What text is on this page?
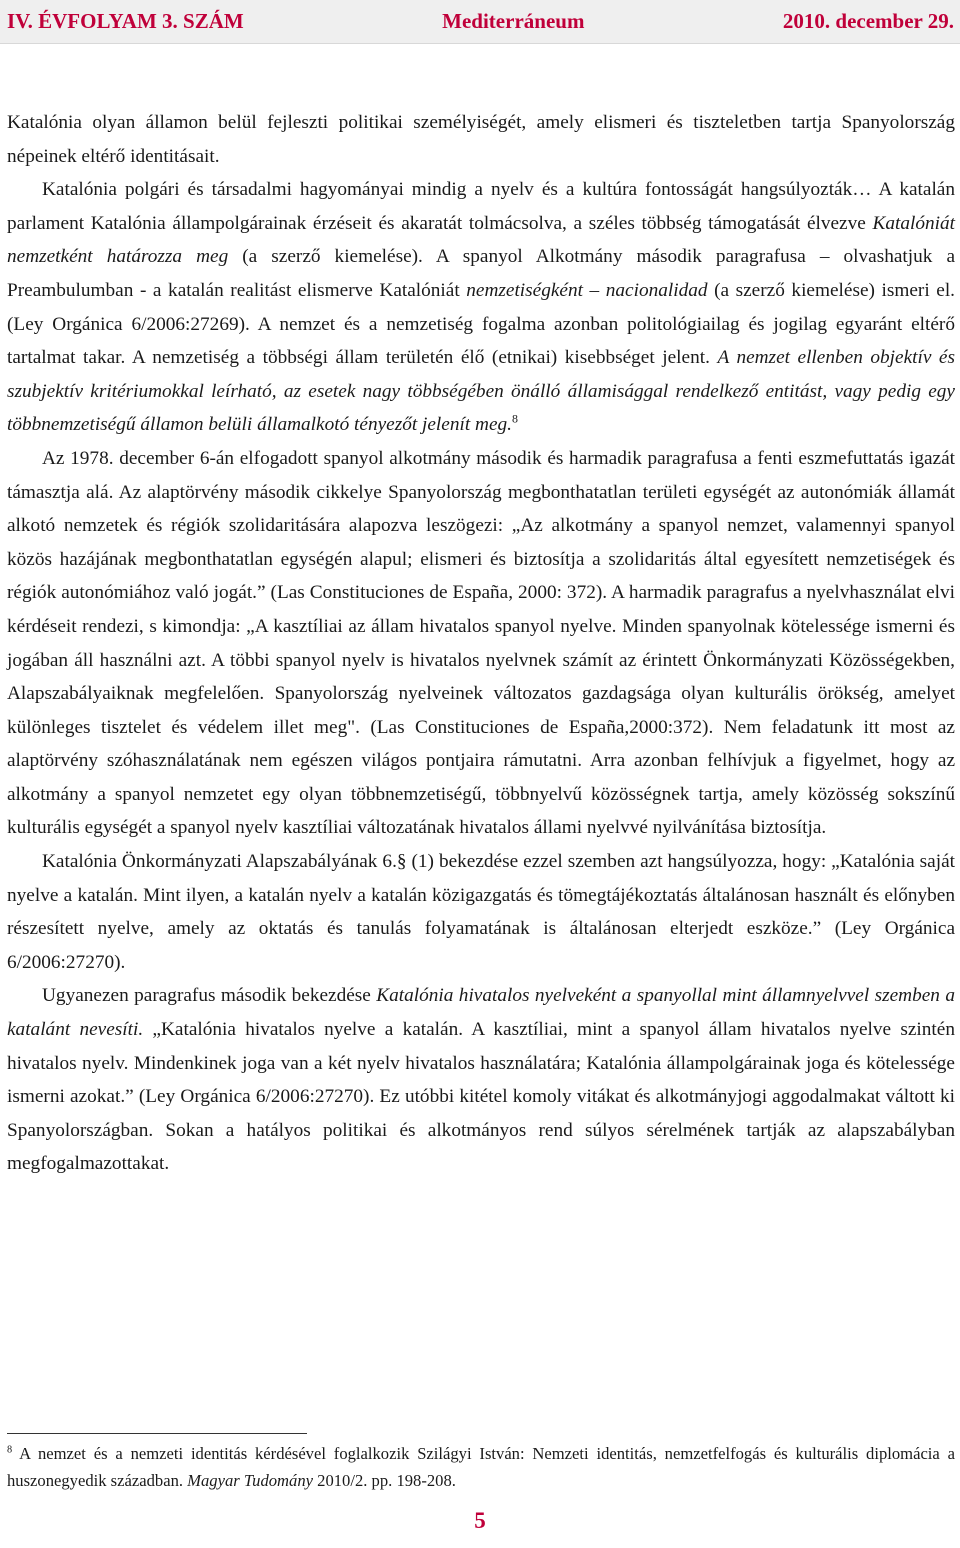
IV. ÉVFOLYAM 3. SZÁM	Mediterráneum	2010. december 29.

Katalónia olyan államon belül fejleszti politikai személyiségét, amely elismeri és tiszteletben tartja Spanyolország népeinek eltérő identitásait.

Katalónia polgári és társadalmi hagyományai mindig a nyelv és a kultúra fontosságát hangsúlyozták… A katalán parlament Katalónia állampolgárainak érzéseit és akaratát tolmácsolva, a széles többség támogatását élvezve Katalóniát nemzetként határozza meg (a szerző kiemelése). A spanyol Alkotmány második paragrafusa – olvashatjuk a Preambulumban - a katalán realitást elismerve Katalóniát nemzetiségként – nacionalidad (a szerző kiemelése) ismeri el. (Ley Orgánica 6/2006:27269). A nemzet és a nemzetiség fogalma azonban politológiailag és jogilag egyaránt eltérő tartalmat takar. A nemzetiség a többségi állam területén élő (etnikai) kisebbséget jelent. A nemzet ellenben objektív és szubjektív kritériumokkal leírható, az esetek nagy többségében önálló államisággal rendelkező entitást, vagy pedig egy többnemzetiségű államon belüli államalkotó tényezőt jelenít meg.$^8$

Az 1978. december 6-án elfogadott spanyol alkotmány második és harmadik paragrafusa a fenti eszmefuttatás igazát támasztja alá. Az alaptörvény második cikkelye Spanyolország megbonthatatlan területi egységét az autonómiák államát alkotó nemzetek és régiók szolidaritására alapozva leszögezi: „Az alkotmány a spanyol nemzet, valamennyi spanyol közös hazájának megbonthatatlan egységén alapul; elismeri és biztosítja a szolidaritás által egyesített nemzetiségek és régiók autonómiához való jogát.” (Las Constituciones de España, 2000: 372). A harmadik paragrafus a nyelvhasználat elvi kérdéseit rendezi, s kimondja: „A kasztíliai az állam hivatalos spanyol nyelve. Minden spanyolnak kötelessége ismerni és jogában áll használni azt. A többi spanyol nyelv is hivatalos nyelvnek számít az érintett Önkormányzati Közösségekben, Alapszabályaiknak megfelelően. Spanyolország nyelveinek változatos gazdagsága olyan kulturális örökség, amelyet különleges tisztelet és védelem illet meg". (Las Constituciones de España,2000:372). Nem feladatunk itt most az alaptörvény szóhasználatának nem egészen világos pontjaira rámutatni. Arra azonban felhívjuk a figyelmet, hogy az alkotmány a spanyol nemzetet egy olyan többnemzetiségű, többnyelvű közösségnek tartja, amely közösség sokszínű kulturális egységét a spanyol nyelv kasztíliai változatának hivatalos állami nyelvvé nyilvánítása biztosítja.

Katalónia Önkormányzati Alapszabályának 6.§ (1) bekezdése ezzel szemben azt hangsúlyozza, hogy: „Katalónia saját nyelve a katalán. Mint ilyen, a katalán nyelv a katalán közigazgatás és tömegtájékoztatás általánosan használt és előnyben részesített nyelve, amely az oktatás és tanulás folyamatának is általánosan elterjedt eszköze.” (Ley Orgánica 6/2006:27270).

Ugyanezen paragrafus második bekezdése Katalónia hivatalos nyelveként a spanyollal mint államnyelvvel szemben a katalánt nevesíti. „Katalónia hivatalos nyelve a katalán. A kasztíliai, mint a spanyol állam hivatalos nyelve szintén hivatalos nyelv. Mindenkinek joga van a két nyelv hivatalos használatára; Katalónia állampolgárainak joga és kötelessége ismerni azokat.” (Ley Orgánica 6/2006:27270). Ez utóbbi kitétel komoly vitákat és alkotmányjogi aggodalmakat váltott ki Spanyolországban. Sokan a hatályos politikai és alkotmányos rend súlyos sérelmének tartják az alapszabályban megfogalmazottakat.

$^8$ A nemzet és a nemzeti identitás kérdésével foglalkozik Szilágyi István: Nemzeti identitás, nemzetfelfogás és kulturális diplomácia a huszonegyedik században. Magyar Tudomány 2010/2. pp. 198-208.
5
